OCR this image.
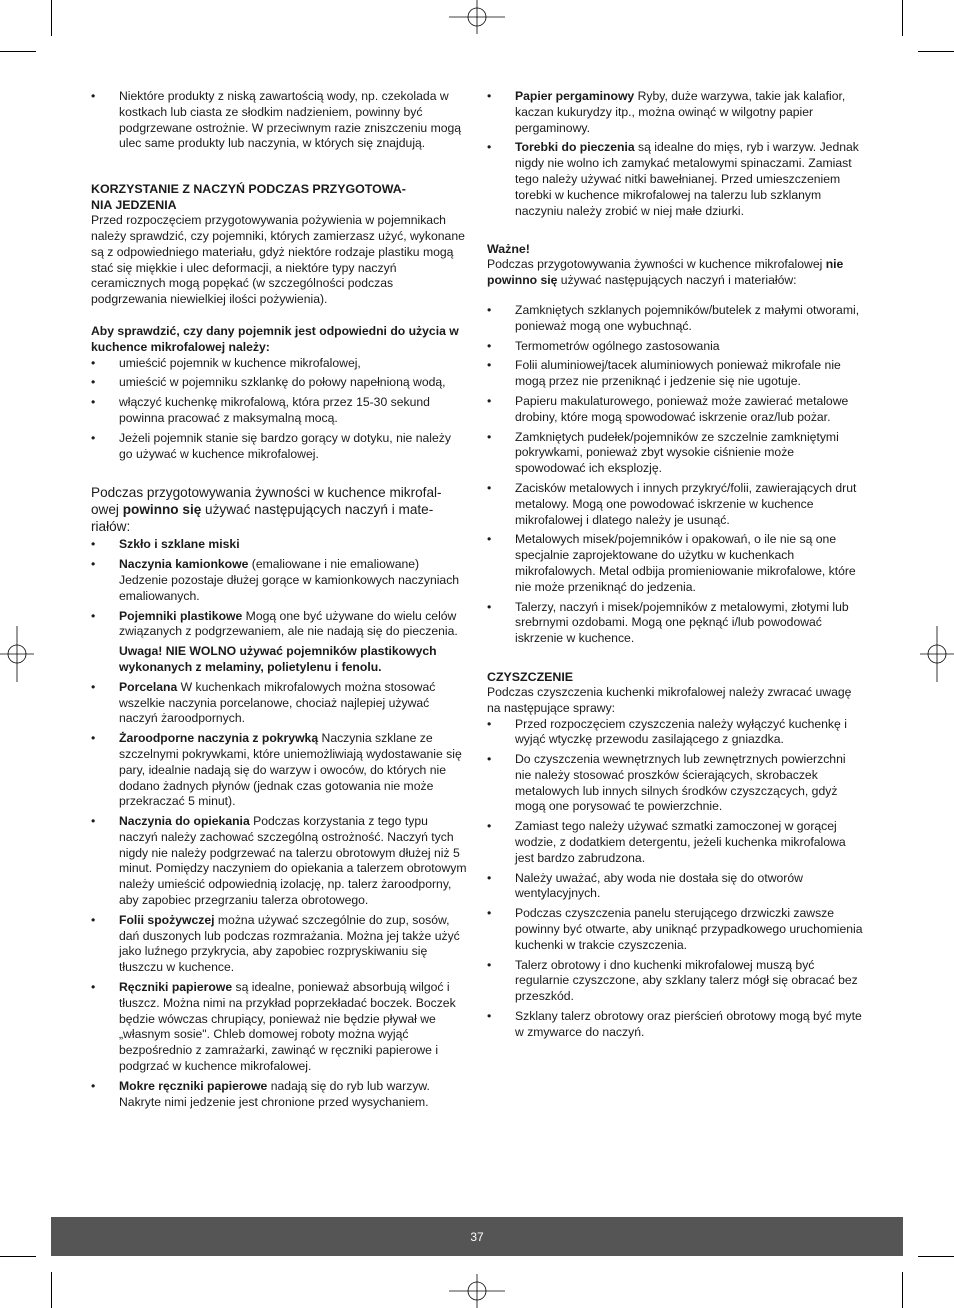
• Niektóre produkty z niską zawartością wody, np. czekolada w kostkach lub ciasta ze słodkim nadzieniem, powinny być podgrzewane ostrożnie. W przeciwnym razie zniszczeniu mogą ulec same produkty lub naczynia, w których się znajdują.

KORZYSTANIE Z NACZYŃ PODCZAS PRZYGOTOWA-
NIA JEDZENIA

Przed rozpoczęciem przygotowywania pożywienia w pojemnikach należy sprawdzić, czy pojemniki, których zamierzasz użyć, wykonane są z odpowiedniego materiału, gdyż niektóre rodzaje plastiku mogą stać się miękkie i ulec deformacji, a niektóre typy naczyń ceramicznych mogą popękać (w szczególności podczas podgrzewania niewielkiej ilości pożywienia).

Aby sprawdzić, czy dany pojemnik jest odpowiedni do użycia w kuchence mikrofalowej należy:

• umieścić pojemnik w kuchence mikrofalowej,
• umieścić w pojemniku szklankę do połowy napełnioną wodą,
• włączyć kuchenkę mikrofalową, która przez 15-30 sekund powinna pracować z maksymalną mocą.
• Jeżeli pojemnik stanie się bardzo gorący w dotyku, nie należy go używać w kuchence mikrofalowej.

Podczas przygotowywania żywności w kuchence mikrofal- owej powinno się używać następujących naczyń i mate- riałów:

• Szkło i szklane miski
• Naczynia kamionkowe (emaliowane i nie emaliowane) Jedzenie pozostaje dłużej gorące w kamionkowych naczyniach emaliowanych.
• Pojemniki plastikowe Mogą one być używane do wielu celów związanych z podgrzewaniem, ale nie nadają się do pieczenia.

Uwaga! NIE WOLNO używać pojemników plastikowych wykonanych z melaminy, polietylenu i fenolu.

• Porcelana W kuchenkach mikrofalowych można stosować wszelkie naczynia porcelanowe, chociaż najlepiej używać naczyń żaroodpornych.
• Żaroodporne naczynia z pokrywką Naczynia szklane ze szczelnymi pokrywkami, które uniemożliwiają wydostawanie się pary, idealnie nadają się do warzyw i owoców, do których nie dodano żadnych płynów (jednak czas gotowania nie może przekraczać 5 minut).
• Naczynia do opiekania Podczas korzystania z tego typu naczyń należy zachować szczególną ostrożność. Naczyń tych nigdy nie należy podgrzewać na talerzu obrotowym dłużej niż 5 minut. Pomiędzy naczyniem do opiekania a talerzem obrotowym należy umieścić odpowiednią izolację, np. talerz żaroodporny, aby zapobiec przegrzaniu talerza obrotowego.
• Folii spożywczej można używać szczególnie do zup, sosów, dań duszonych lub podczas rozmrażania. Można jej także użyć jako luźnego przykrycia, aby zapobiec rozpryskiwaniu się tłuszczu w kuchence.
• Ręczniki papierowe są idealne, ponieważ absorbują wilgoć i tłuszcz. Można nimi na przykład poprzekładać boczek. Boczek będzie wówczas chrupiący, ponieważ nie będzie pływał we „własnym sosie". Chleb domowej roboty można wyjąć bezpośrednio z zamrażarki, zawinąć w ręczniki papierowe i podgrzać w kuchence mikrofalowej.
• Mokre ręczniki papierowe nadają się do ryb lub warzyw. Nakryte nimi jedzenie jest chronione przed wysychaniem.
• Papier pergaminowy Ryby, duże warzywa, takie jak kalafior, kaczan kukurydzy itp., można owinąć w wilgotny papier pergaminowy.
• Torebki do pieczenia są idealne do mięs, ryb i warzyw. Jednak nigdy nie wolno ich zamykać metalowymi spinaczami. Zamiast tego należy używać nitki bawełnianej. Przed umieszczeniem torebki w kuchence mikrofalowej na talerzu lub szklanym naczyniu należy zrobić w niej małe dziurki.

Ważne!

Podczas przygotowywania żywności w kuchence mikrofalowej nie powinno się używać następujących naczyń i materiałów:

• Zamkniętych szklanych pojemników/butelek z małymi otworami, ponieważ mogą one wybuchnąć.
• Termometrów ogólnego zastosowania
• Folii aluminiowej/tacek aluminiowych ponieważ mikrofale nie mogą przez nie przeniknąć i jedzenie się nie ugotuje.
• Papieru makulaturowego, ponieważ może zawierać metalowe drobiny, które mogą spowodować iskrzenie oraz/lub pożar.
• Zamkniętych pudełek/pojemników ze szczelnie zamkniętymi pokrywkami, ponieważ zbyt wysokie ciśnienie może spowodować ich eksplozję.
• Zacisków metalowych i innych przykryć/folii, zawierających drut metalowy. Mogą one powodować iskrzenie w kuchence mikrofalowej i dlatego należy je usunąć.
• Metalowych misek/pojemników i opakowań, o ile nie są one specjalnie zaprojektowane do użytku w kuchenkach mikrofalowych. Metal odbija promieniowanie mikrofalowe, które nie może przeniknąć do jedzenia.
• Talerzy, naczyń i misek/pojemników z metalowymi, złotymi lub srebrnymi ozdobami. Mogą one pęknąć i/lub powodować iskrzenie w kuchence.

CZYSZCZENIE

Podczas czyszczenia kuchenki mikrofalowej należy zwracać uwagę na następujące sprawy:

• Przed rozpoczęciem czyszczenia należy wyłączyć kuchenkę i wyjąć wtyczkę przewodu zasilającego z gniazdka.
• Do czyszczenia wewnętrznych lub zewnętrznych powierzchni nie należy stosować proszków ścierających, skrobaczek metalowych lub innych silnych środków czyszczących, gdyż mogą one porysować te powierzchnie.
• Zamiast tego należy używać szmatki zamoczonej w gorącej wodzie, z dodatkiem detergentu, jeżeli kuchenka mikrofalowa jest bardzo zabrudzona.
• Należy uważać, aby woda nie dostała się do otworów wentylacyjnych.
• Podczas czyszczenia panelu sterującego drzwiczki zawsze powinny być otwarte, aby uniknąć przypadkowego uruchomienia kuchenki w trakcie czyszczenia.
• Talerz obrotowy i dno kuchenki mikrofalowej muszą być regularnie czyszczone, aby szklany talerz mógł się obracać bez przeszkód.
• Szklany talerz obrotowy oraz pierścień obrotowy mogą być myte w zmywarce do naczyń.
37
